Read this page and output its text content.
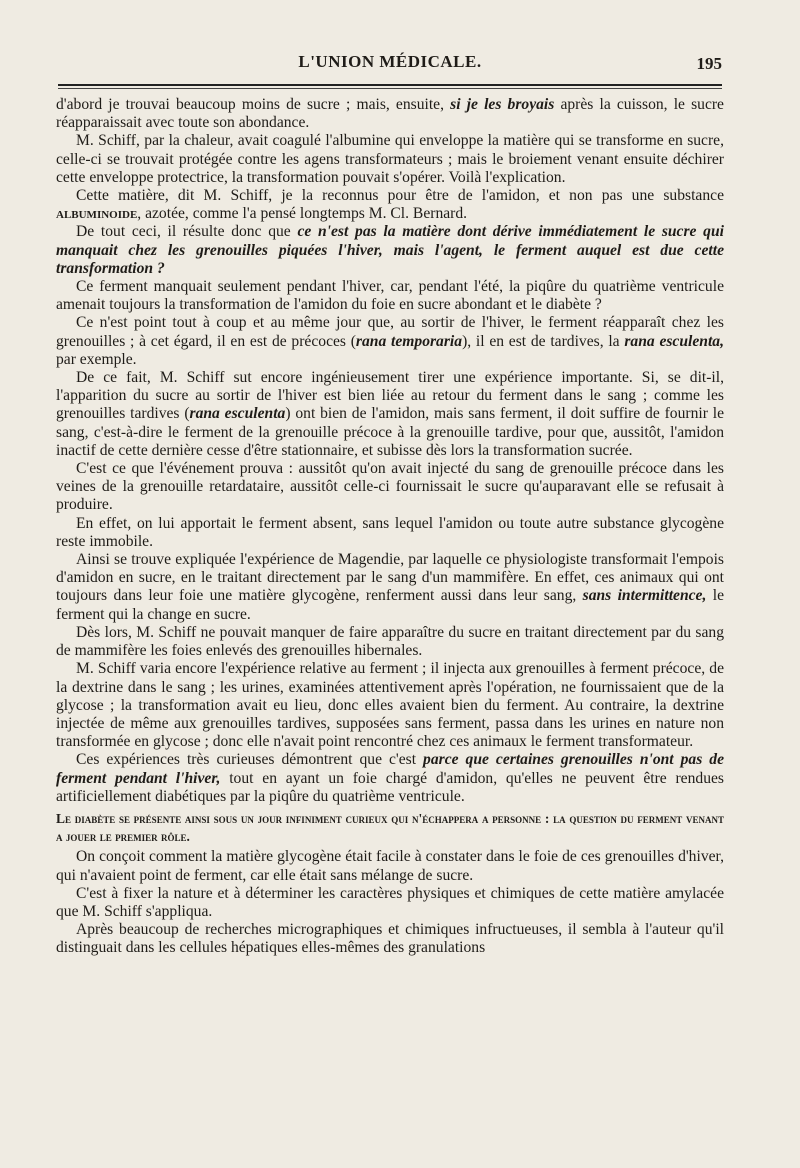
L'UNION MÉDICALE.	195

d'abord je trouvai beaucoup moins de sucre ; mais, ensuite, si je les broyais après la cuisson, le sucre réapparaissait avec toute son abondance.

M. Schiff, par la chaleur, avait coagulé l'albumine qui enveloppe la matière qui se transforme en sucre, celle-ci se trouvait protégée contre les agens transformateurs ; mais le broiement venant ensuite déchirer cette enveloppe protectrice, la transformation pouvait s'opérer. Voilà l'explication.

Cette matière, dit M. Schiff, je la reconnus pour être de l'amidon, et non pas une substance albuminoide, azotée, comme l'a pensé longtemps M. Cl. Bernard.

De tout ceci, il résulte donc que ce n'est pas la matière dont dérive immédiatement le sucre qui manquait chez les grenouilles piquées l'hiver, mais l'agent, le ferment auquel est due cette transformation ?

Ce ferment manquait seulement pendant l'hiver, car, pendant l'été, la piqûre du quatrième ventricule amenait toujours la transformation de l'amidon du foie en sucre abondant et le diabète ?

Ce n'est point tout à coup et au même jour que, au sortir de l'hiver, le ferment réapparaît chez les grenouilles ; à cet égard, il en est de précoces (rana temporaria), il en est de tardives, la rana esculenta, par exemple.

De ce fait, M. Schiff sut encore ingénieusement tirer une expérience importante. Si, se dit-il, l'apparition du sucre au sortir de l'hiver est bien liée au retour du ferment dans le sang ; comme les grenouilles tardives (rana esculenta) ont bien de l'amidon, mais sans ferment, il doit suffire de fournir le sang, c'est-à-dire le ferment de la grenouille précoce à la grenouille tardive, pour que, aussitôt, l'amidon inactif de cette dernière cesse d'être stationnaire, et subisse dès lors la transformation sucrée.

C'est ce que l'événement prouva : aussitôt qu'on avait injecté du sang de grenouille précoce dans les veines de la grenouille retardataire, aussitôt celle-ci fournissait le sucre qu'auparavant elle se refusait à produire.

En effet, on lui apportait le ferment absent, sans lequel l'amidon ou toute autre substance glycogène reste immobile.

Ainsi se trouve expliquée l'expérience de Magendie, par laquelle ce physiologiste transformait l'empois d'amidon en sucre, en le traitant directement par le sang d'un mammifère. En effet, ces animaux qui ont toujours dans leur foie une matière glycogène, renferment aussi dans leur sang, sans intermittence, le ferment qui la change en sucre.

Dès lors, M. Schiff ne pouvait manquer de faire apparaître du sucre en traitant directement par du sang de mammifère les foies enlevés des grenouilles hibernales.

M. Schiff varia encore l'expérience relative au ferment ; il injecta aux grenouilles à ferment précoce, de la dextrine dans le sang ; les urines, examinées attentivement après l'opération, ne fournissaient que de la glycose ; la transformation avait eu lieu, donc elles avaient bien du ferment. Au contraire, la dextrine injectée de même aux grenouilles tardives, supposées sans ferment, passa dans les urines en nature non transformée en glycose ; donc elle n'avait point rencontré chez ces animaux le ferment transformateur.

Ces expériences très curieuses démontrent que c'est parce que certaines grenouilles n'ont pas de ferment pendant l'hiver, tout en ayant un foie chargé d'amidon, qu'elles ne peuvent être rendues artificiellement diabétiques par la piqûre du quatrième ventricule.

Le diabète se présente ainsi sous un jour infiniment curieux qui n'échappera a personne : la question du ferment venant a jouer le premier rôle.

On conçoit comment la matière glycogène était facile à constater dans le foie de ces grenouilles d'hiver, qui n'avaient point de ferment, car elle était sans mélange de sucre.

C'est à fixer la nature et à déterminer les caractères physiques et chimiques de cette matière amylacée que M. Schiff s'appliqua.

Après beaucoup de recherches micrographiques et chimiques infructueuses, il sembla à l'auteur qu'il distinguait dans les cellules hépatiques elles-mêmes des granulations
